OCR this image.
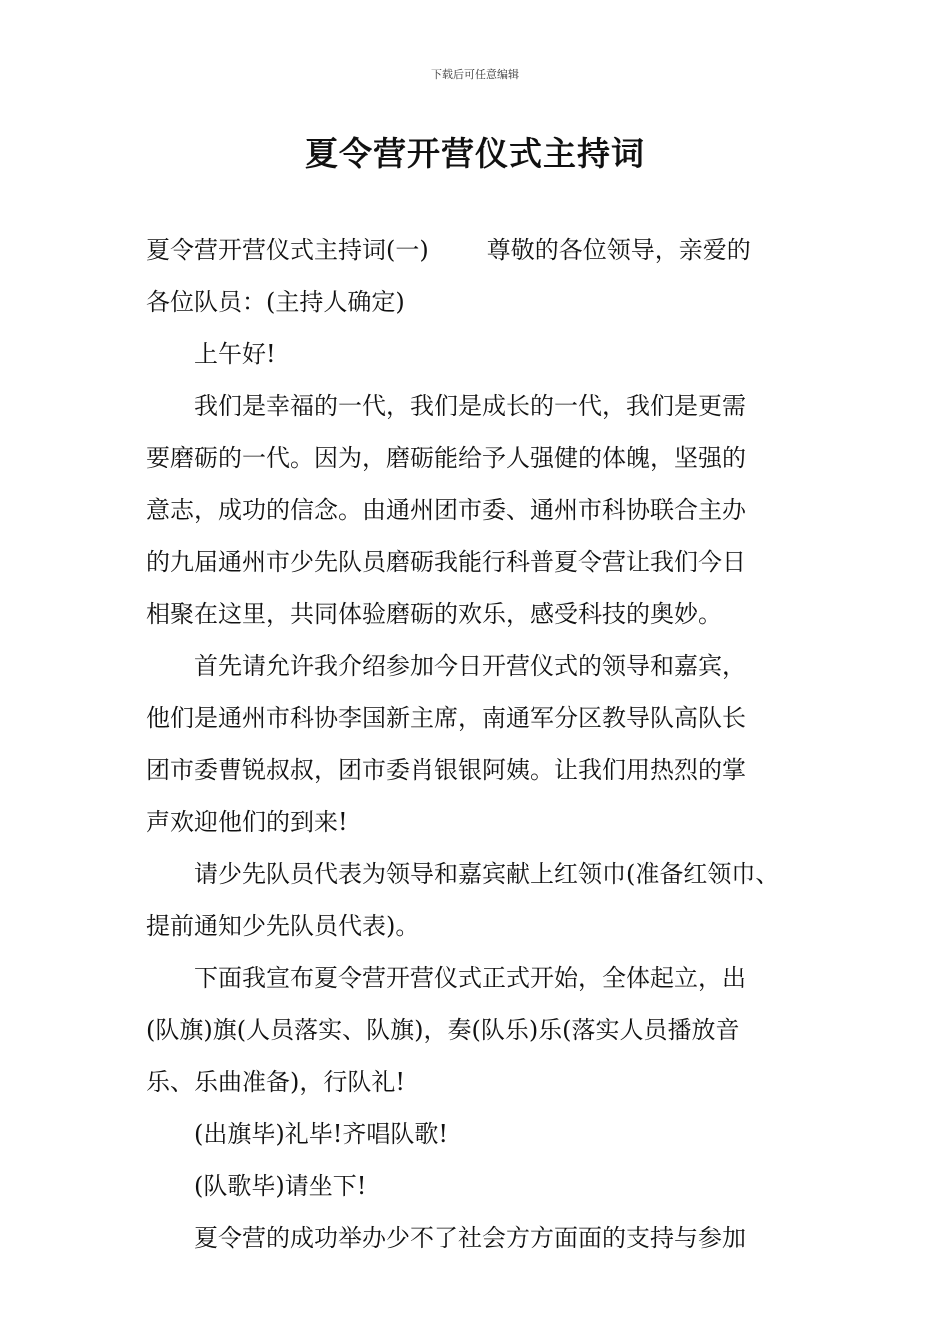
下载后可任意编辑
夏令营开营仪式主持词

夏令营开营仪式主持词(一) 尊敬的各位领导，亲爱的

各位队员：(主持人确定)

　　上午好!

　　我们是幸福的一代，我们是成长的一代，我们是更需

要磨砺的一代。因为，磨砺能给予人强健的体魄，坚强的

意志，成功的信念。由通州团市委、通州市科协联合主办

的九届通州市少先队员磨砺我能行科普夏令营让我们今日

相聚在这里，共同体验磨砺的欢乐，感受科技的奥妙。

　　首先请允许我介绍参加今日开营仪式的领导和嘉宾，

他们是通州市科协李国新主席，南通军分区教导队高队长

团市委曹锐叔叔，团市委肖银银阿姨。让我们用热烈的掌

声欢迎他们的到来!

　　请少先队员代表为领导和嘉宾献上红领巾(准备红领巾、

提前通知少先队员代表)。

　　下面我宣布夏令营开营仪式正式开始，全体起立，出

(队旗)旗(人员落实、队旗)，奏(队乐)乐(落实人员播放音

乐、乐曲准备)，行队礼!

　　(出旗毕)礼毕!齐唱队歌!

　　(队歌毕)请坐下!

　　夏令营的成功举办少不了社会方方面面的支持与参加
